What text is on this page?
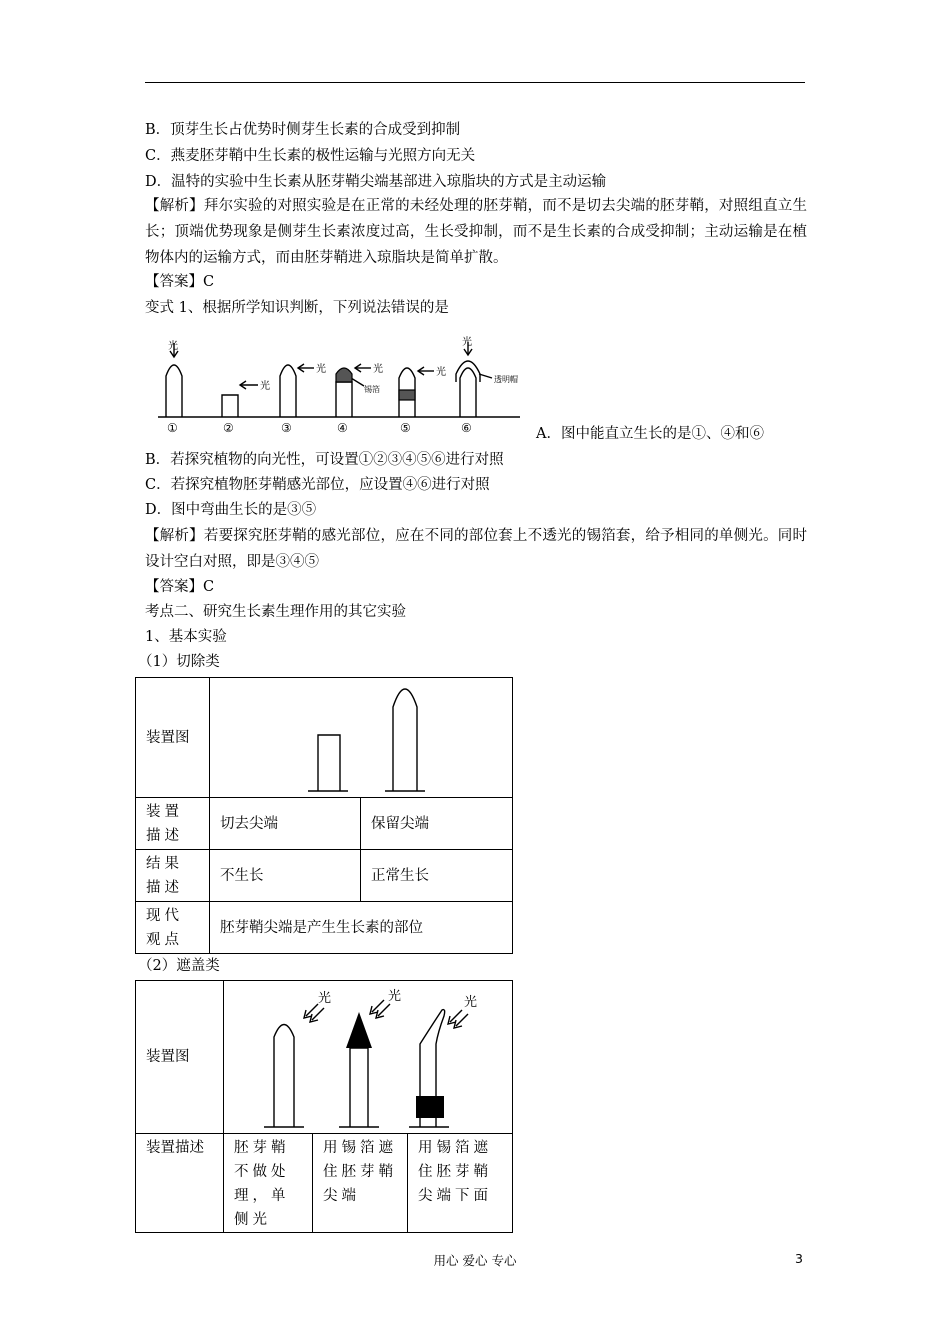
B．顶芽生长占优势时侧芽生长素的合成受到抑制
C．燕麦胚芽鞘中生长素的极性运输与光照方向无关
D．温特的实验中生长素从胚芽鞘尖端基部进入琼脂块的方式是主动运输
【解析】拜尔实验的对照实验是在正常的未经处理的胚芽鞘，而不是切去尖端的胚芽鞘，对照组直立生长；顶端优势现象是侧芽生长素浓度过高，生长受抑制，而不是生长素的合成受抑制；主动运输是在植物体内的运输方式，而由胚芽鞘进入琼脂块是简单扩散。
【答案】C
变式 1、根据所学知识判断，下列说法错误的是
光
光
光	光	光
光
锡箔
透明帽
①	②	③	④	⑤	⑥	A．图中能直立生长的是①、④和⑥
B．若探究植物的向光性，可设置①②③④⑤⑥进行对照
C．若探究植物胚芽鞘感光部位，应设置④⑥进行对照
D．图中弯曲生长的是③⑤
【解析】若要探究胚芽鞘的感光部位，应在不同的部位套上不透光的锡箔套，给予相同的单侧光。同时设计空白对照，即是③④⑤
【答案】C
考点二、研究生长素生理作用的其它实验
1、基本实验
（1）切除类
装置图	

装置描述	切去尖端	保留尖端
结果描述	不生长	正常生长
现代观点	胚芽鞘尖端是产生生长素的部位	
（2）遮盖类
装置图	光 光 光		

装置描述	胚芽鞘不做处理，单侧光	用锡箔遮住胚芽鞘尖端	用锡箔遮住胚芽鞘尖端下面
用心 爱心 专心	3
